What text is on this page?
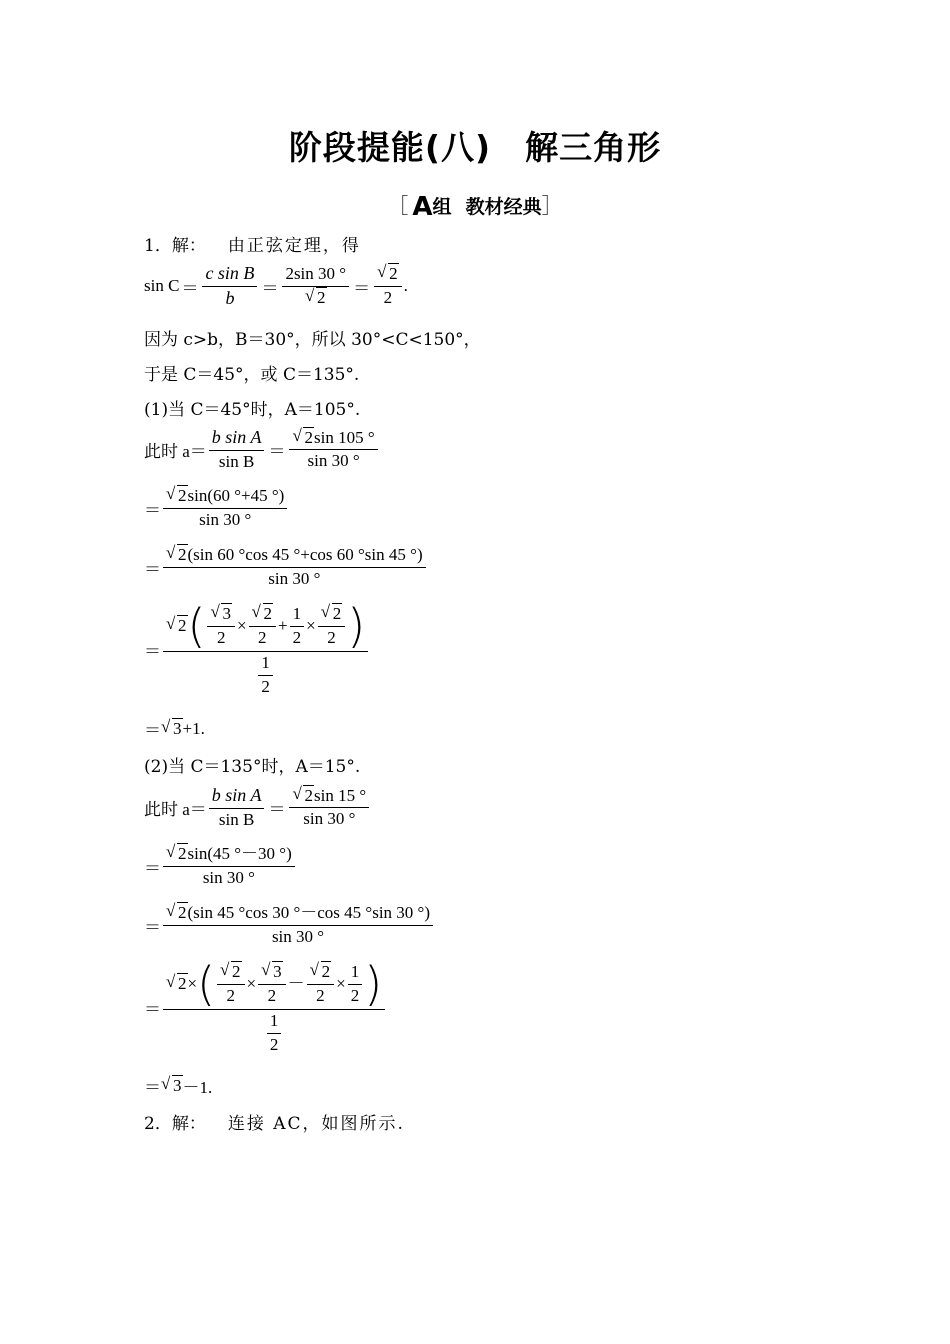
阶段提能(八) 解三角形
［ A组 教材经典］
1．解： 由正弦定理，得
$\sin C = \frac{\text{c sin B}}{b} = 2\sin$ 30 °
√ 2 ＝
√ $\frac{2}{2}$ .
因为 c>b，B＝30°，所以 30°<C<150°，
于是 C＝45°，或 C＝135°.
(1)当 C＝45°时，A＝105°.
此时 $a= \frac{\text{b sin A}}{\text{sin B}}$ ＝
√ $\frac{2\sin 105 ^\circ}{\sin 30 ^\circ}$
＝
√ $\frac{2\sin(60 ^\circ+45 ^\circ)}{\sin 30 ^\circ}$
＝
√ $\frac{2(\sin 60 ^\circ\cos 45 ^\circ+\cos 60 ^\circ\sin 45 ^\circ)}{\sin 30 ^\circ}$
＝
√ 2 (
√ $\frac{3}{2}$ ×
√ $\frac{2}{2} + \frac{1}{2}$ ×
√ $\frac{2}{2}$ )
$\frac{1}{2}$
＝
√ 3 +1.
(2)当 C＝135°时，A＝15°.
此时 $a= \frac{\text{b sin A}}{\text{sin B}}$ ＝
√ $\frac{2\sin 15 ^\circ}{\sin 30 ^\circ}$
＝
√ $\frac{2\sin(45 ^\circ-30 ^\circ)}{\sin 30 ^\circ}$
＝
√ $\frac{2(\sin 45 ^\circ\cos 30 ^\circ-\cos 45 ^\circ\sin 30 ^\circ)}{\sin 30 ^\circ}$
＝
√ 2 × (
√ $\frac{2}{2}$ ×
√ $\frac{3}{2}$ －
√ $\frac{2}{2} \times \frac{1}{2}$ )
$\frac{1}{2}$
＝
√ 3 －1.
2．解： 连接 AC，如图所示.
